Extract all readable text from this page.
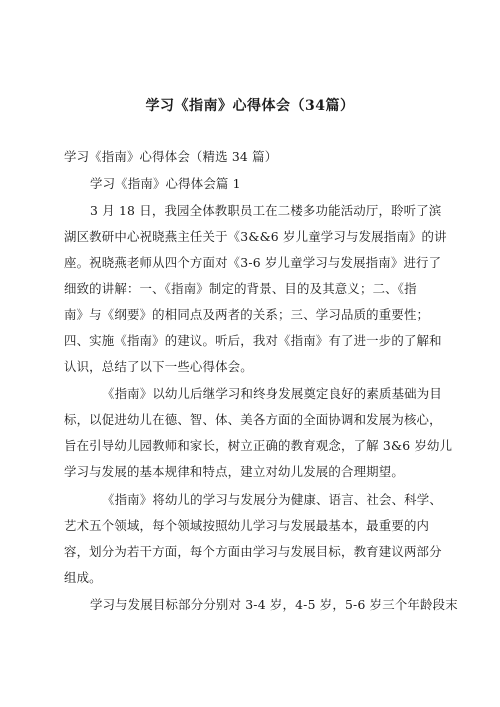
学习《指南》心得体会（34篇）
学习《指南》心得体会（精选 34 篇）
学习《指南》心得体会篇 1
3 月 18 日，我园全体教职员工在二楼多功能活动厅，聆听了滨
湖区教研中心祝晓燕主任关于《3&&6 岁儿童学习与发展指南》的讲
座。祝晓燕老师从四个方面对《3-6 岁儿童学习与发展指南》进行了
细致的讲解：一、《指南》制定的背景、目的及其意义；二、《指
南》与《纲要》的相同点及两者的关系；三、学习品质的重要性；
四、实施《指南》的建议。听后，我对《指南》有了进一步的了解和
认识，总结了以下一些心得体会。
《指南》以幼儿后继学习和终身发展奠定良好的素质基础为目
标，以促进幼儿在德、智、体、美各方面的全面协调和发展为核心，
旨在引导幼儿园教师和家长，树立正确的教育观念，了解 3&6 岁幼儿
学习与发展的基本规律和特点，建立对幼儿发展的合理期望。
《指南》将幼儿的学习与发展分为健康、语言、社会、科学、
艺术五个领域，每个领域按照幼儿学习与发展最基本，最重要的内
容，划分为若干方面，每个方面由学习与发展目标，教育建议两部分
组成。
学习与发展目标部分分别对 3-4 岁，4-5 岁，5-6 岁三个年龄段末
